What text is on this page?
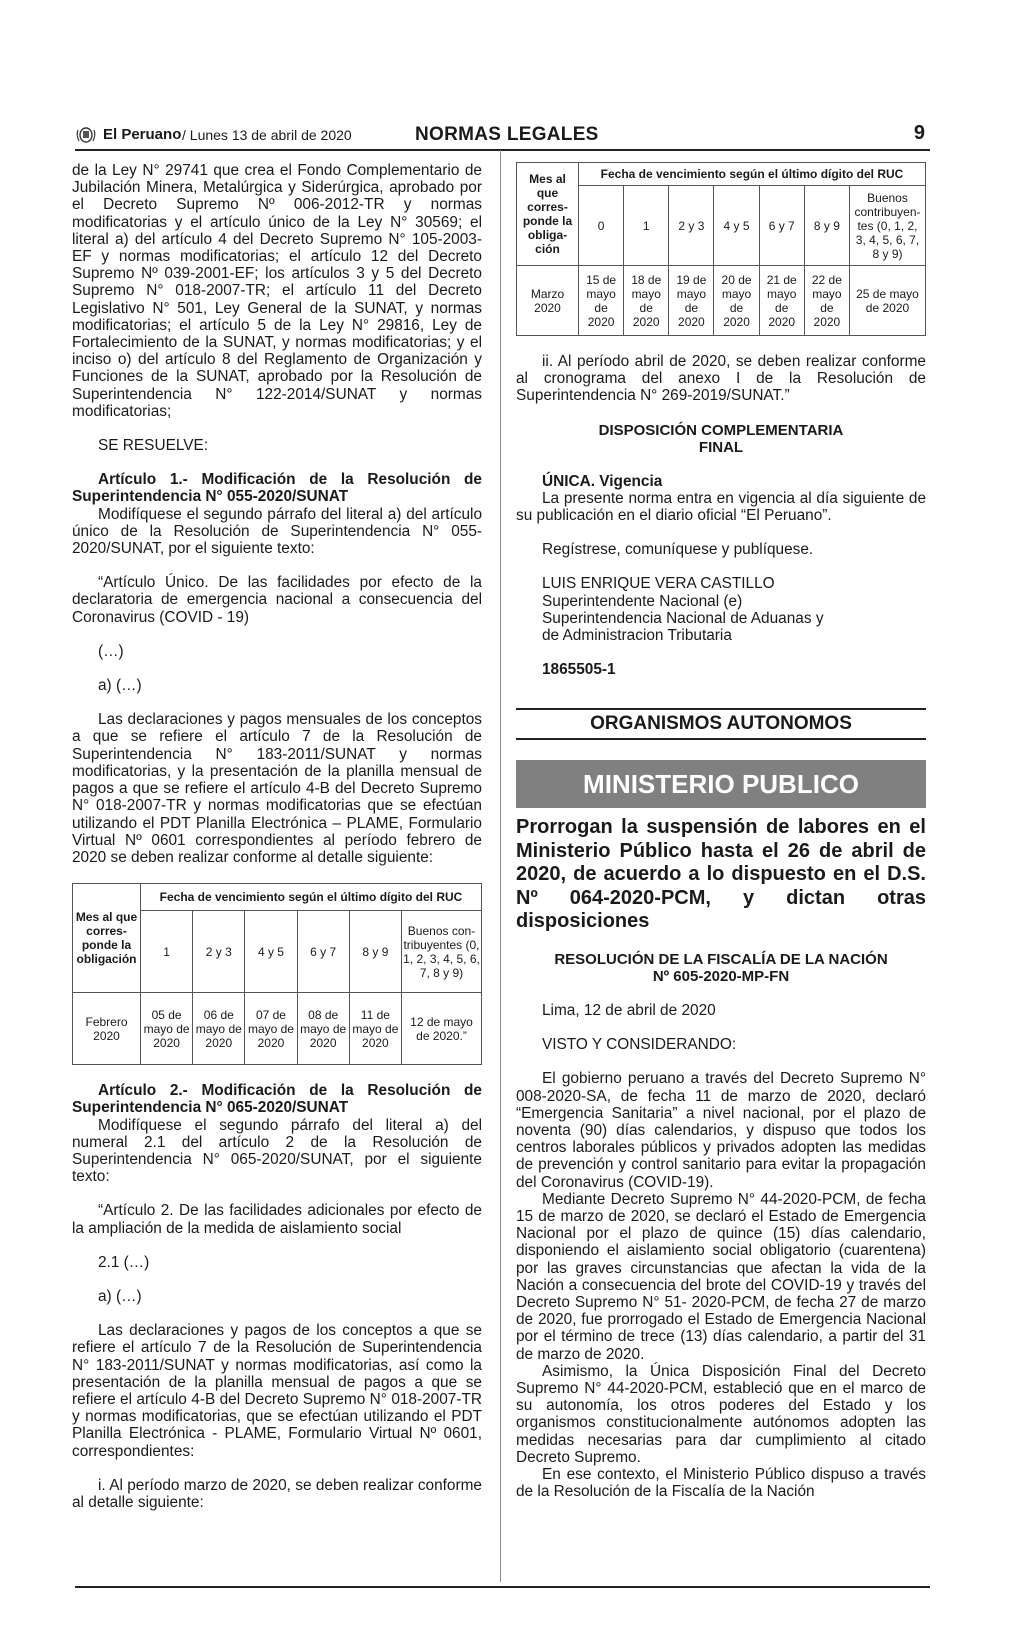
El Peruano / Lunes 13 de abril de 2020	NORMAS LEGALES	9

de la Ley N° 29741 que crea el Fondo Complementario de Jubilación Minera, Metalúrgica y Siderúrgica, aprobado por el Decreto Supremo Nº 006-2012-TR y normas modificatorias y el artículo único de la Ley N° 30569; el literal a) del artículo 4 del Decreto Supremo N° 105-2003-EF y normas modificatorias; el artículo 12 del Decreto Supremo Nº 039-2001-EF; los artículos 3 y 5 del Decreto Supremo N° 018-2007-TR; el artículo 11 del Decreto Legislativo N° 501, Ley General de la SUNAT, y normas modificatorias; el artículo 5 de la Ley N° 29816, Ley de Fortalecimiento de la SUNAT, y normas modificatorias; y el inciso o) del artículo 8 del Reglamento de Organización y Funciones de la SUNAT, aprobado por la Resolución de Superintendencia N° 122-2014/SUNAT y normas modificatorias;

SE RESUELVE:

Artículo 1.- Modificación de la Resolución de Superintendencia N° 055-2020/SUNAT

Modifíquese el segundo párrafo del literal a) del artículo único de la Resolución de Superintendencia N° 055-2020/SUNAT, por el siguiente texto:

“Artículo Único. De las facilidades por efecto de la declaratoria de emergencia nacional a consecuencia del Coronavirus (COVID - 19)

(…)

a) (…)

Las declaraciones y pagos mensuales de los conceptos a que se refiere el artículo 7 de la Resolución de Superintendencia N° 183-2011/SUNAT y normas modificatorias, y la presentación de la planilla mensual de pagos a que se refiere el artículo 4-B del Decreto Supremo N° 018-2007-TR y normas modificatorias que se efectúan utilizando el PDT Planilla Electrónica – PLAME, Formulario Virtual Nº 0601 correspondientes al período febrero de 2020 se deben realizar conforme al detalle siguiente:

Mes al que corres-ponde la obligación	Fecha de vencimiento según el último dígito del RUC					
	1	2 y 3	4 y 5	6 y 7	8 y 9	Buenos con-tribuyentes (0, 1, 2, 3, 4, 5, 6, 7, 8 y 9)
Febrero 2020	05 de mayo de 2020	06 de mayo de 2020	07 de mayo de 2020	08 de mayo de 2020	11 de mayo de 2020	12 de mayo de 2020.”

Artículo 2.- Modificación de la Resolución de Superintendencia N° 065-2020/SUNAT

Modifíquese el segundo párrafo del literal a) del numeral 2.1 del artículo 2 de la Resolución de Superintendencia N° 065-2020/SUNAT, por el siguiente texto:

“Artículo 2. De las facilidades adicionales por efecto de la ampliación de la medida de aislamiento social

2.1 (…)

a) (…)

Las declaraciones y pagos de los conceptos a que se refiere el artículo 7 de la Resolución de Superintendencia N° 183-2011/SUNAT y normas modificatorias, así como la presentación de la planilla mensual de pagos a que se refiere el artículo 4-B del Decreto Supremo N° 018-2007-TR y normas modificatorias, que se efectúan utilizando el PDT Planilla Electrónica - PLAME, Formulario Virtual Nº 0601, correspondientes:

i. Al período marzo de 2020, se deben realizar conforme al detalle siguiente:

Mes al que corres-ponde la obliga-ción	Fecha de vencimiento según el último dígito del RUC						
	0	1	2 y 3	4 y 5	6 y 7	8 y 9	Buenos contribuyen-tes (0, 1, 2, 3, 4, 5, 6, 7, 8 y 9)
Marzo 2020	15 de mayo de 2020	18 de mayo de 2020	19 de mayo de 2020	20 de mayo de 2020	21 de mayo de 2020	22 de mayo de 2020	25 de mayo de 2020

ii. Al período abril de 2020, se deben realizar conforme al cronograma del anexo I de la Resolución de Superintendencia N° 269-2019/SUNAT.”

DISPOSICIÓN COMPLEMENTARIA

FINAL

ÚNICA. Vigencia

La presente norma entra en vigencia al día siguiente de su publicación en el diario oficial “El Peruano”.

Regístrese, comuníquese y publíquese.

LUIS ENRIQUE VERA CASTILLO

Superintendente Nacional (e)

Superintendencia Nacional de Aduanas y

de Administracion Tributaria

1865505-1

ORGANISMOS AUTONOMOS
MINISTERIO PUBLICO

Prorrogan la suspensión de labores en el Ministerio Público hasta el 26 de abril de 2020, de acuerdo a lo dispuesto en el D.S. Nº 064-2020-PCM, y dictan otras disposiciones

RESOLUCIÓN DE LA FISCALÍA DE LA NACIÓN

Nº 605-2020-MP-FN

Lima, 12 de abril de 2020

VISTO Y CONSIDERANDO:

El gobierno peruano a través del Decreto Supremo N° 008-2020-SA, de fecha 11 de marzo de 2020, declaró “Emergencia Sanitaria” a nivel nacional, por el plazo de noventa (90) días calendarios, y dispuso que todos los centros laborales públicos y privados adopten las medidas de prevención y control sanitario para evitar la propagación del Coronavirus (COVID-19).

Mediante Decreto Supremo N° 44-2020-PCM, de fecha 15 de marzo de 2020, se declaró el Estado de Emergencia Nacional por el plazo de quince (15) días calendario, disponiendo el aislamiento social obligatorio (cuarentena) por las graves circunstancias que afectan la vida de la Nación a consecuencia del brote del COVID-19 y través del Decreto Supremo N° 51- 2020-PCM, de fecha 27 de marzo de 2020, fue prorrogado el Estado de Emergencia Nacional por el término de trece (13) días calendario, a partir del 31 de marzo de 2020.

Asimismo, la Única Disposición Final del Decreto Supremo N° 44-2020-PCM, estableció que en el marco de su autonomía, los otros poderes del Estado y los organismos constitucionalmente autónomos adopten las medidas necesarias para dar cumplimiento al citado Decreto Supremo.

En ese contexto, el Ministerio Público dispuso a través de la Resolución de la Fiscalía de la Nación
